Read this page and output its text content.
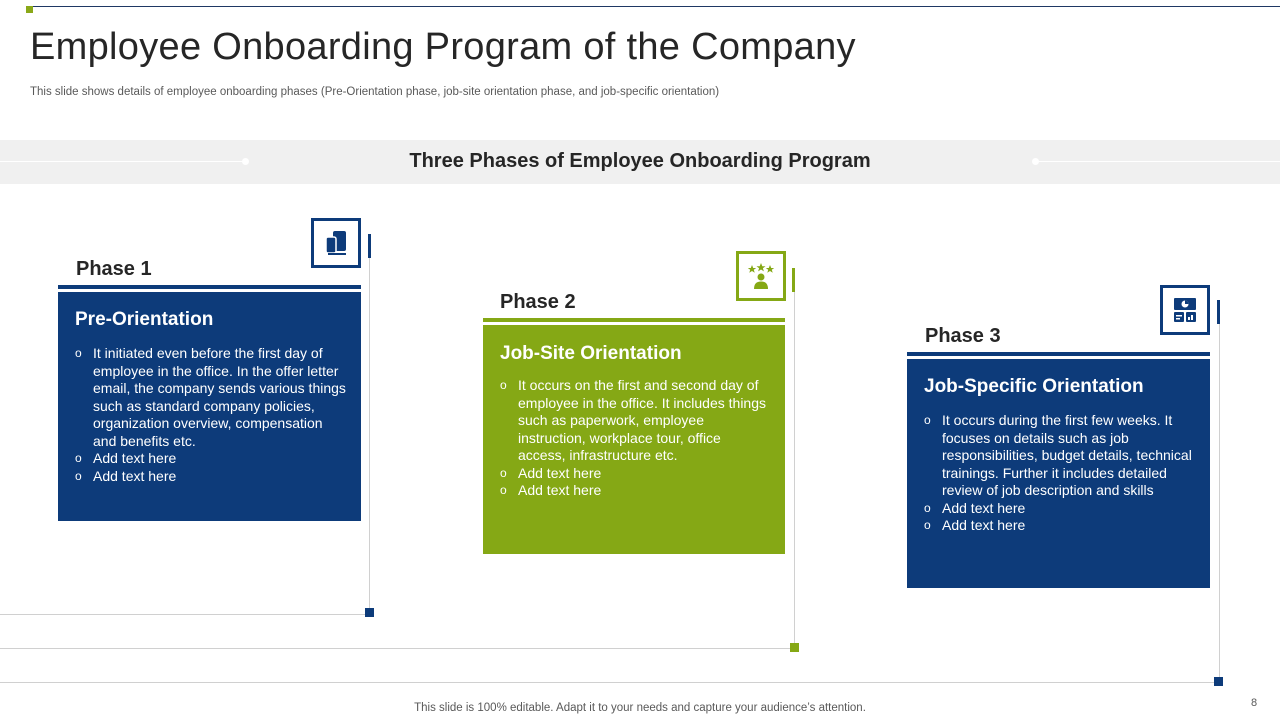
Employee Onboarding Program of the Company
This slide shows details of employee onboarding phases (Pre-Orientation phase, job-site orientation phase, and job-specific orientation)
Three Phases of Employee Onboarding Program
Phase 1
Pre-Orientation
o It initiated even before the first day of employee in the office. In the offer letter email, the company sends various things such as standard company policies, organization overview, compensation and benefits etc.
o Add text here
o Add text here
Phase 2
Job-Site Orientation
o It occurs on the first and second day of employee in the office. It includes things such as paperwork, employee instruction, workplace tour, office access, infrastructure etc.
o Add text here
o Add text here
Phase 3
Job-Specific Orientation
o It occurs during the first few weeks. It focuses on details such as job responsibilities, budget details, technical trainings. Further it includes detailed review of job description and skills
o Add text here
o Add text here
This slide is 100% editable. Adapt it to your needs and capture your audience’s attention.	8
